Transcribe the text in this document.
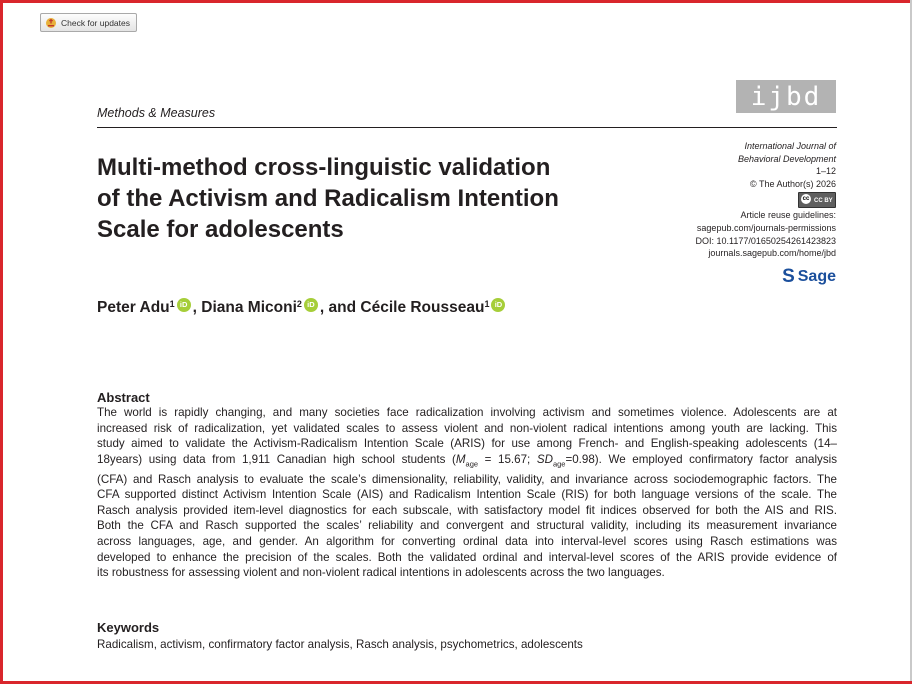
Check for updates
Methods & Measures
ijbd
Multi-method cross-linguistic validation
of the Activism and Radicalism Intention
Scale for adolescents
International Journal of
Behavioral Development
1–12
© The Author(s) 2026
cc CC BY
Article reuse guidelines:
sagepub.com/journals-permissions
DOI: 10.1177/01650254261423823
journals.sagepub.com/home/jbd
S Sage
Peter Adu$^1$ iD , Diana Miconi$^2$ iD , and Cécile Rousseau$^1$ iD
Abstract
The world is rapidly changing, and many societies face radicalization involving activism and sometimes violence. Adolescents are at
increased risk of radicalization, yet validated scales to assess violent and non-violent radical intentions among youth are lacking. This
study aimed to validate the Activism-Radicalism Intention Scale (ARIS) for use among French- and English-speaking adolescents (14–
18years) using data from 1,911 Canadian high school students ($M_{age} = 15.67$; $SD_{age}=0.98$). We employed confirmatory factor analysis
(CFA) and Rasch analysis to evaluate the scale’s dimensionality, reliability, validity, and invariance across sociodemographic factors. The
CFA supported distinct Activism Intention Scale (AIS) and Radicalism Intention Scale (RIS) for both language versions of the scale. The
Rasch analysis provided item-level diagnostics for each subscale, with satisfactory model fit indices observed for both the AIS and RIS.
Both the CFA and Rasch supported the scales’ reliability and convergent and structural validity, including its measurement invariance
across languages, age, and gender. An algorithm for converting ordinal data into interval-level scores using Rasch estimations was
developed to enhance the precision of the scales. Both the validated ordinal and interval-level scores of the ARIS provide evidence of
its robustness for assessing violent and non-violent radical intentions in adolescents across the two languages.
Keywords
Radicalism, activism, confirmatory factor analysis, Rasch analysis, psychometrics, adolescents
